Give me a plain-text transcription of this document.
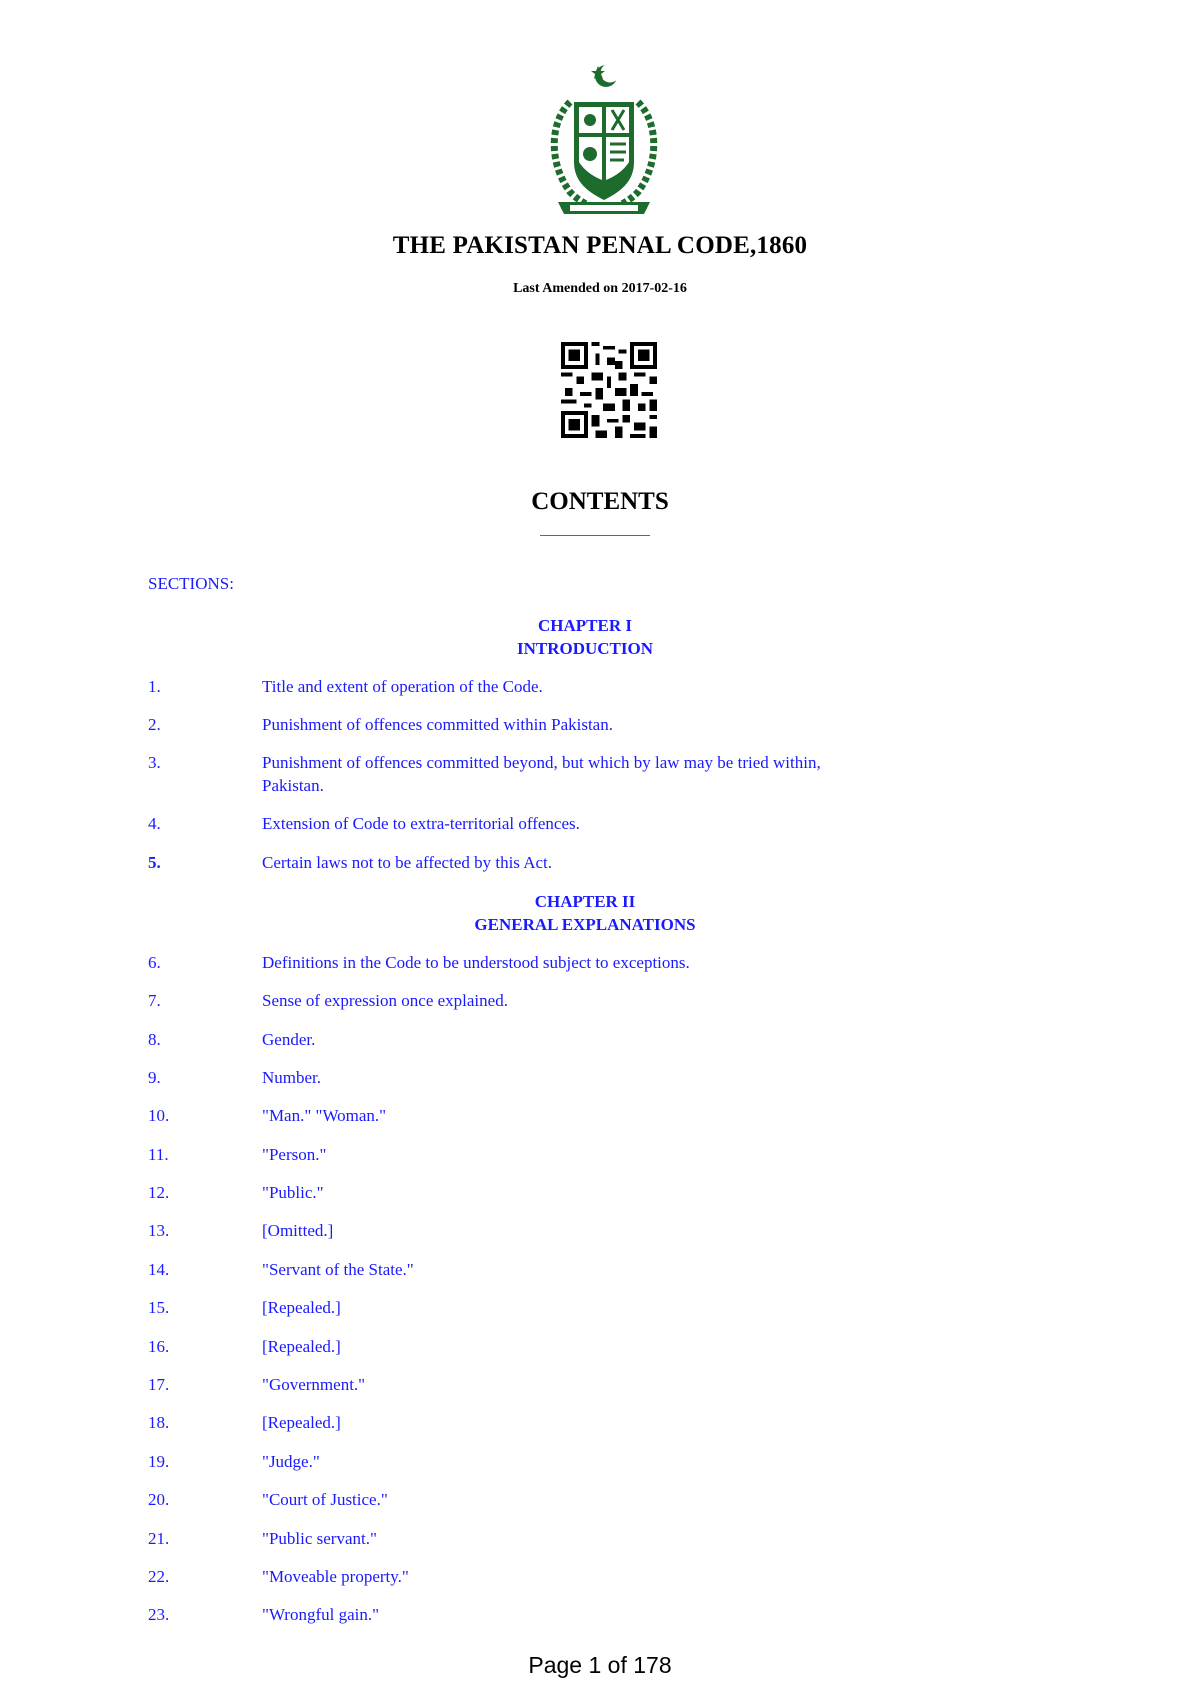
THE PAKISTAN PENAL CODE,1860
Last Amended on 2017-02-16
CONTENTS
SECTIONS:
CHAPTER I
INTRODUCTION
1.	Title and extent of operation of the Code.
2.	Punishment of offences committed within Pakistan.
3.	Punishment of offences committed beyond, but which by law may be tried within, Pakistan.
4.	Extension of Code to extra-territorial offences.
5.	Certain laws not to be affected by this Act.
CHAPTER II
GENERAL EXPLANATIONS
6.	Definitions in the Code to be understood subject to exceptions.
7.	Sense of expression once explained.
8.	Gender.
9.	Number.
10.	"Man." "Woman."
11.	"Person."
12.	"Public."
13.	[Omitted.]
14.	"Servant of the State."
15.	[Repealed.]
16.	[Repealed.]
17.	"Government."
18.	[Repealed.]
19.	"Judge."
20.	"Court of Justice."
21.	"Public servant."
22.	"Moveable property."
23.	"Wrongful gain."
Page 1 of 178
